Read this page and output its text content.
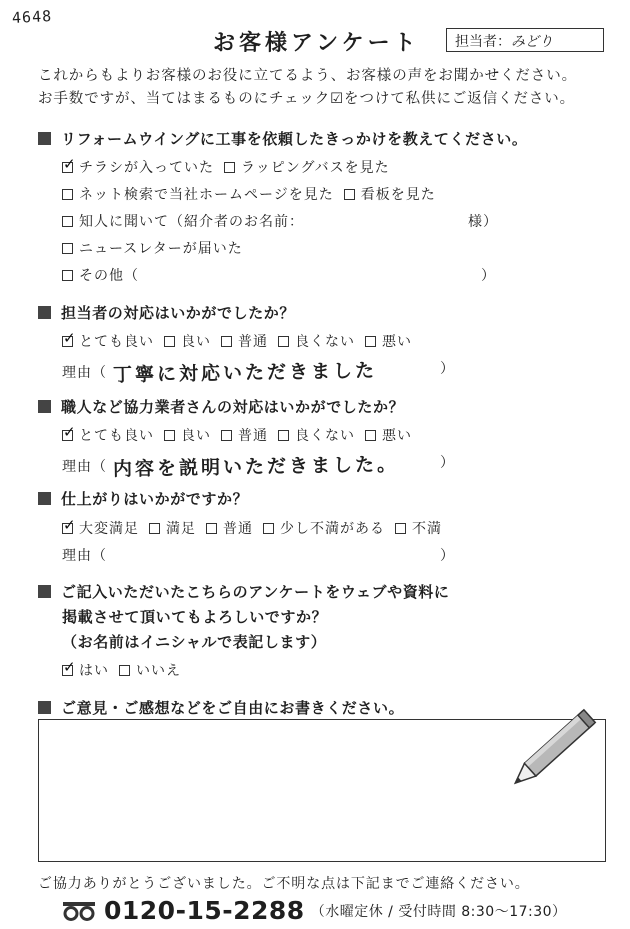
4648
お客様アンケート	担当者：みどり
これからもよりお客様のお役に立てるよう、お客様の声をお聞かせください。
お手数ですが、当てはまるものにチェック☑をつけて私供にご返信ください。
リフォームウイングに工事を依頼したきっかけを教えてください。
✓
チラシが入っていた ラッピングバスを見た
ネット検索で当社ホームページを見た 看板を見た
知人に聞いて（紹介者のお名前：	様）
ニュースレターが届いた
その他（	）
担当者の対応はいかがでしたか？
✓
とても良い 良い 普通 良くない 悪い
理由（ 丁寧に対応いただきました	）
職人など協力業者さんの対応はいかがでしたか？
✓
とても良い 良い 普通 良くない 悪い
理由（ 内容を説明いただきました。	）
仕上がりはいかがですか？
✓
大変満足 満足 普通 少し不満がある 不満
理由（	）
ご記入いただいたこちらのアンケートをウェブや資料に
掲載させて頂いてもよろしいですか？
（お名前はイニシャルで表記します）
✓
はい いいえ
ご意見・ご感想などをご自由にお書きください。
ご協力ありがとうございました。ご不明な点は下記までご連絡ください。
0120-15-2288 （水曜定休 / 受付時間 8:30〜17:30）
